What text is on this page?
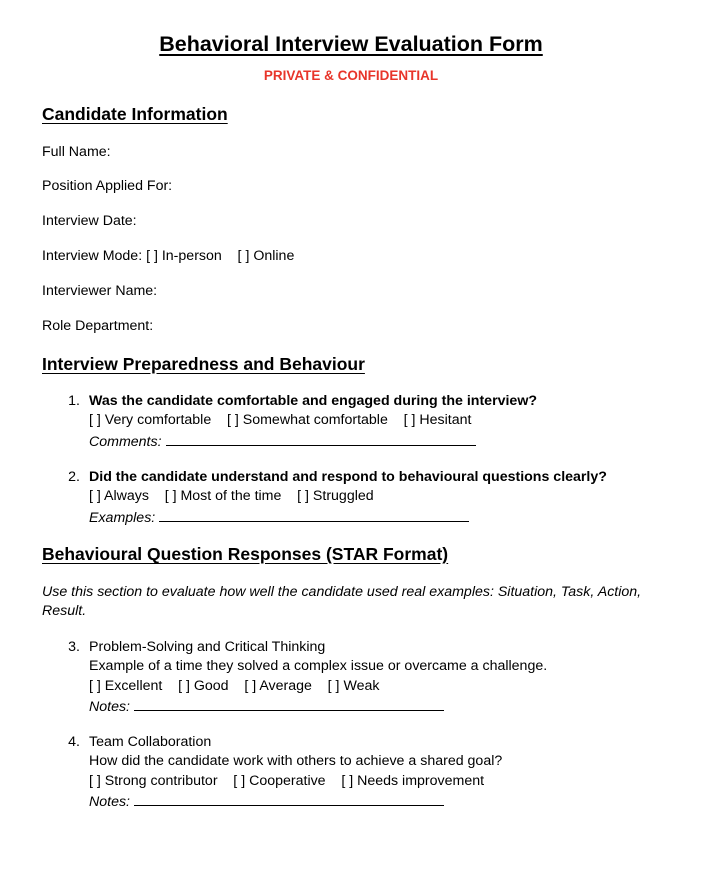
Behavioral Interview Evaluation Form
PRIVATE & CONFIDENTIAL
Candidate Information
Full Name:
Position Applied For:
Interview Date:
Interview Mode: [ ] In-person    [ ] Online
Interviewer Name:
Role Department:
Interview Preparedness and Behaviour
1. Was the candidate comfortable and engaged during the interview?
[ ] Very comfortable    [ ] Somewhat comfortable    [ ] Hesitant
Comments:
2. Did the candidate understand and respond to behavioural questions clearly?
[ ] Always    [ ] Most of the time    [ ] Struggled
Examples:
Behavioural Question Responses (STAR Format)
Use this section to evaluate how well the candidate used real examples: Situation, Task, Action, Result.
3. Problem-Solving and Critical Thinking
Example of a time they solved a complex issue or overcame a challenge.
[ ] Excellent    [ ] Good    [ ] Average    [ ] Weak
Notes:
4. Team Collaboration
How did the candidate work with others to achieve a shared goal?
[ ] Strong contributor    [ ] Cooperative    [ ] Needs improvement
Notes:
